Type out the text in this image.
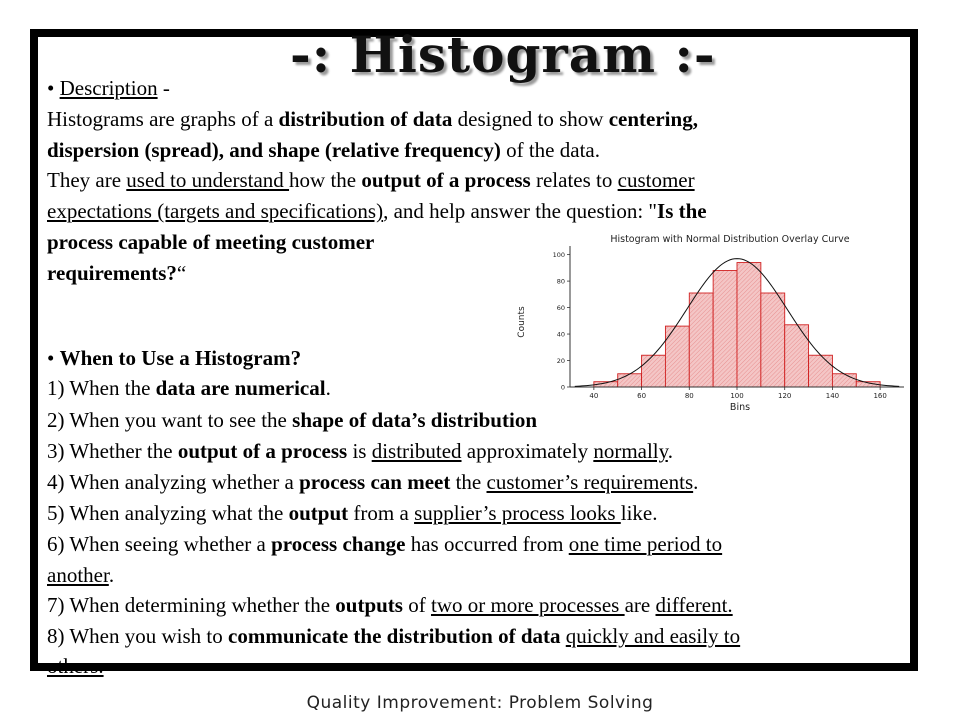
-: Histogram :-
• Description -
Histograms are graphs of a distribution of data designed to show centering,
dispersion (spread), and shape (relative frequency) of the data.
They are used to understand how the output of a process relates to customer
expectations (targets and specifications), and help answer the question: "Is the
process capable of meeting customer
requirements?“
• When to Use a Histogram?
1) When the data are numerical.
2) When you want to see the shape of data’s distribution
3) Whether the output of a process is distributed approximately normally.
4) When analyzing whether a process can meet the customer’s requirements.
5) When analyzing what the output from a supplier’s process looks like.
6) When seeing whether a process change has occurred from one time period to
another.
7) When determining whether the outputs of two or more processes are different.
8) When you wish to communicate the distribution of data quickly and easily to
others.
Histogram with Normal Distribution Overlay Curve
Counts
Bins
0
20
40
60
80
100
40	60	80	100	120	140	160
Quality Improvement: Problem Solving
